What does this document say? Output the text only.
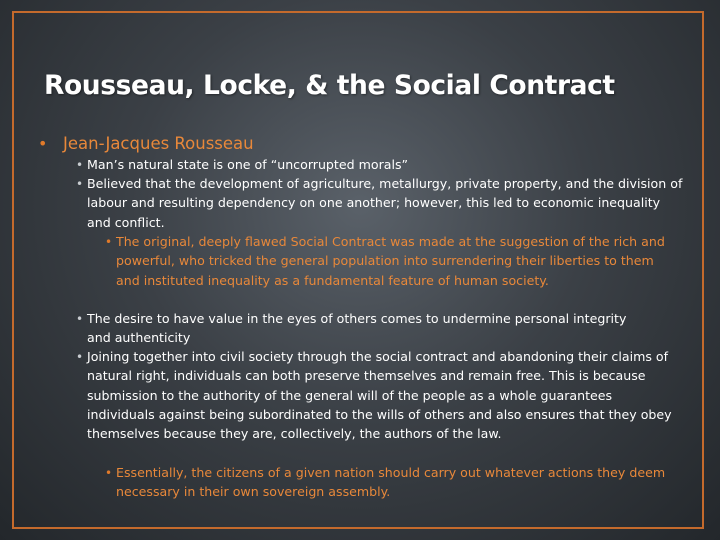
Rousseau, Locke, & the Social Contract
• Jean-Jacques Rousseau
• Man’s natural state is one of “uncorrupted morals”
• Believed that the development of agriculture, metallurgy, private property, and the division of labour and resulting dependency on one another; however, this led to economic inequality and conflict.
• The original, deeply flawed Social Contract was made at the suggestion of the rich and powerful, who tricked the general population into surrendering their liberties to them and instituted inequality as a fundamental feature of human society.
• The desire to have value in the eyes of others comes to undermine personal integrity and authenticity
• Joining together into civil society through the social contract and abandoning their claims of natural right, individuals can both preserve themselves and remain free. This is because submission to the authority of the general will of the people as a whole guarantees individuals against being subordinated to the wills of others and also ensures that they obey themselves because they are, collectively, the authors of the law.
• Essentially, the citizens of a given nation should carry out whatever actions they deem necessary in their own sovereign assembly.
